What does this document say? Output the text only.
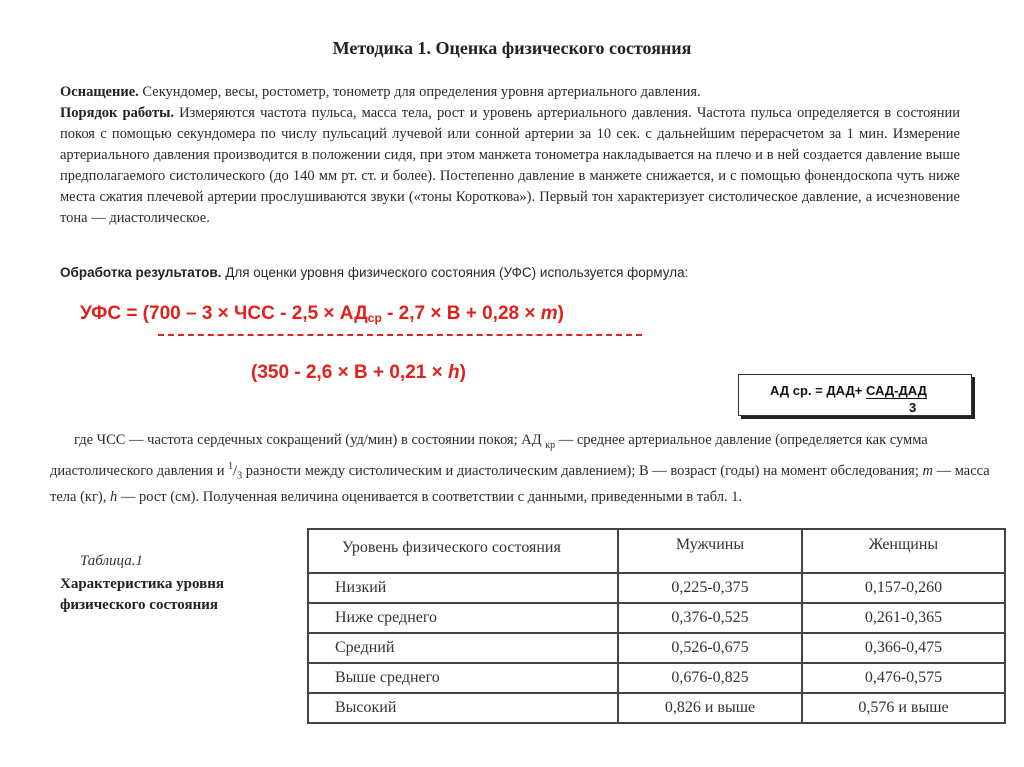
Методика 1. Оценка физического состояния
Оснащение. Секундомер, весы, ростометр, тонометр для определения уровня артериального давления.
Порядок работы. Измеряются частота пульса, масса тела, рост и уровень артериального давления. Частота пульса определяется в состоянии покоя с помощью секундомера по числу пульсаций лучевой или сонной артерии за 10 сек. с дальнейшим перерасчетом за 1 мин. Измерение артериального давления производится в положении сидя, при этом манжета тонометра накладывается на плечо и в ней создается давление выше предполагаемого систолического (до 140 мм рт. ст. и более). Постепенно давление в манжете снижается, и с помощью фонендоскопа чуть ниже места сжатия плечевой артерии прослушиваются звуки («тоны Короткова»). Первый тон характеризует систолическое давление, а исчезновение тона — диастолическое.
Обработка результатов. Для оценки уровня физического состояния (УФС) используется формула:
УФС = (700 – 3 × ЧСС - $2,5 \times АД_{ср} - 2,7 \times В + 0,28 \times m$)
(350 - 2,6 × В + 0,21 × h)
АД ср. = ДАД+ САД-ДАД
3
где ЧСС — частота сердечных сокращений (уд/мин) в состоянии покоя; АД $_{кр}$ — среднее артериальное давление (определяется как сумма диастолического давления и $^1/_3$ разности между систолическим и диастолическим давлением); В — возраст (годы) на момент обследования; m — масса тела (кг), h — рост (см). Полученная величина оценивается в соответствии с данными, приведенными в табл. 1.
Таблица.1
Характеристика уровня физического состояния
Уровень физического состояния	Мужчины	Женщины

Низкий	0,225-0,375	0,157-0,260
Ниже среднего	0,376-0,525	0,261-0,365
Средний	0,526-0,675	0,366-0,475
Выше среднего	0,676-0,825	0,476-0,575
Высокий	0,826 и выше	0,576 и выше
